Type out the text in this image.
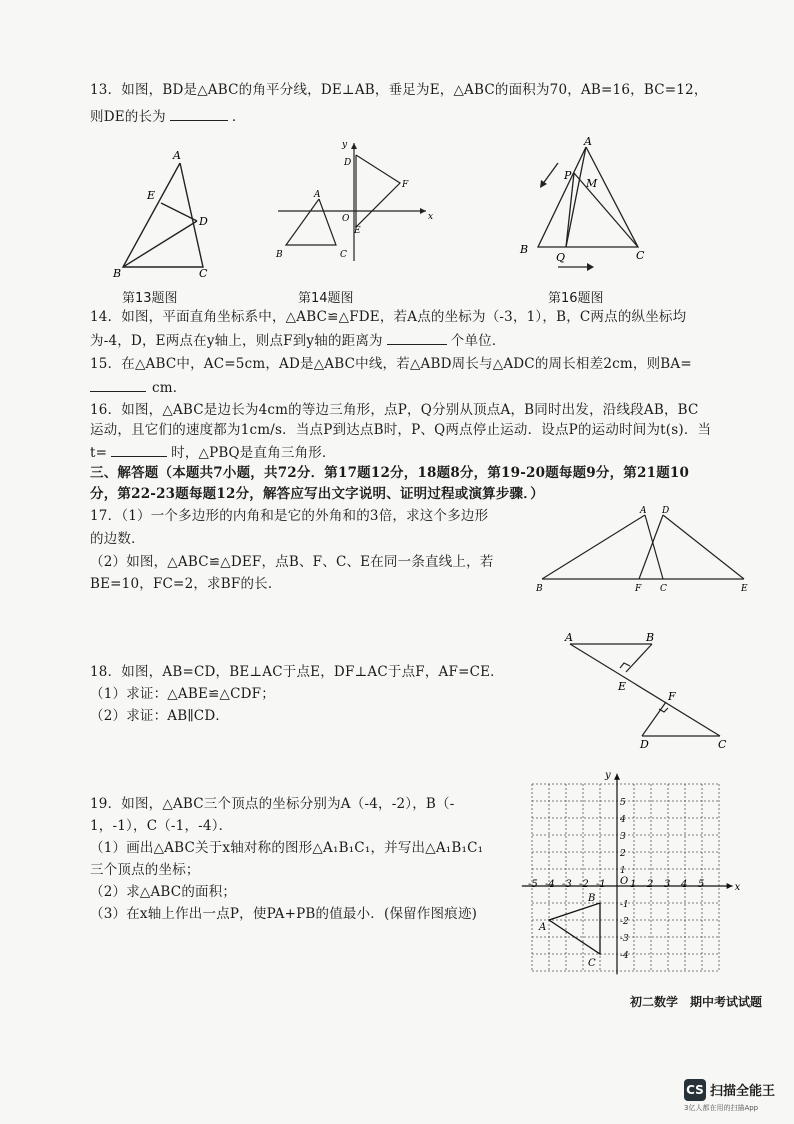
13．如图，BD是△ABC的角平分线，DE⊥AB，垂足为E，△ABC的面积为70，AB=16，BC=12，
则DE的长为	．
A
E
D
B	C
第13题图
x
y
D
F
O
E
A
B	C
第14题图
A
P
M
B
Q	C
第16题图
14．如图，平面直角坐标系中，△ABC≌△FDE，若A点的坐标为（-3，1），B，C两点的纵坐标均
为-4，D，E两点在y轴上，则点F到y轴的距离为	个单位．
15．在△ABC中，AC=5cm，AD是△ABC中线，若△ABD周长与△ADC的周长相差2cm，则BA=
cm．
16．如图，△ABC是边长为4cm的等边三角形，点P，Q分别从顶点A，B同时出发，沿线段AB，BC
运动，且它们的速度都为1cm/s．当点P到达点B时，P、Q两点停止运动．设点P的运动时间为t(s)．当
t=	时，△PBQ是直角三角形．
三、解答题（本题共7小题，共72分．第17题12分，18题8分，第19-20题每题9分，第21题10
分，第22-23题每题12分，解答应写出文字说明、证明过程或演算步骤．）
17．（1）一个多边形的内角和是它的外角和的3倍，求这个多边形
的边数．
（2）如图，△ABC≌△DEF，点B、F、C、E在同一条直线上，若
BE=10，FC=2，求BF的长．
A D
B	F C	E
A	B
E
F
D	C
18．如图，AB=CD，BE⊥AC于点E，DF⊥AC于点F，AF=CE．
（1）求证：△ABE≌△CDF；
（2）求证：AB∥CD．
19．如图，△ABC三个顶点的坐标分别为A（-4，-2），B（-
1，-1），C（-1，-4）．
（1）画出△ABC关于x轴对称的图形△A₁B₁C₁，并写出△A₁B₁C₁
三个顶点的坐标；
（2）求△ABC的面积；
（3）在x轴上作出一点P，使PA+PB的值最小．(保留作图痕迹)
-5 -4 -3 -2 -1 1 2 3 4 5
5
4
3
2
1
-1
-2
-3
-4
x
y
O
A
B
C
初二数学　期中考试试题
CS 扫描全能王
3亿人都在用的扫描App
